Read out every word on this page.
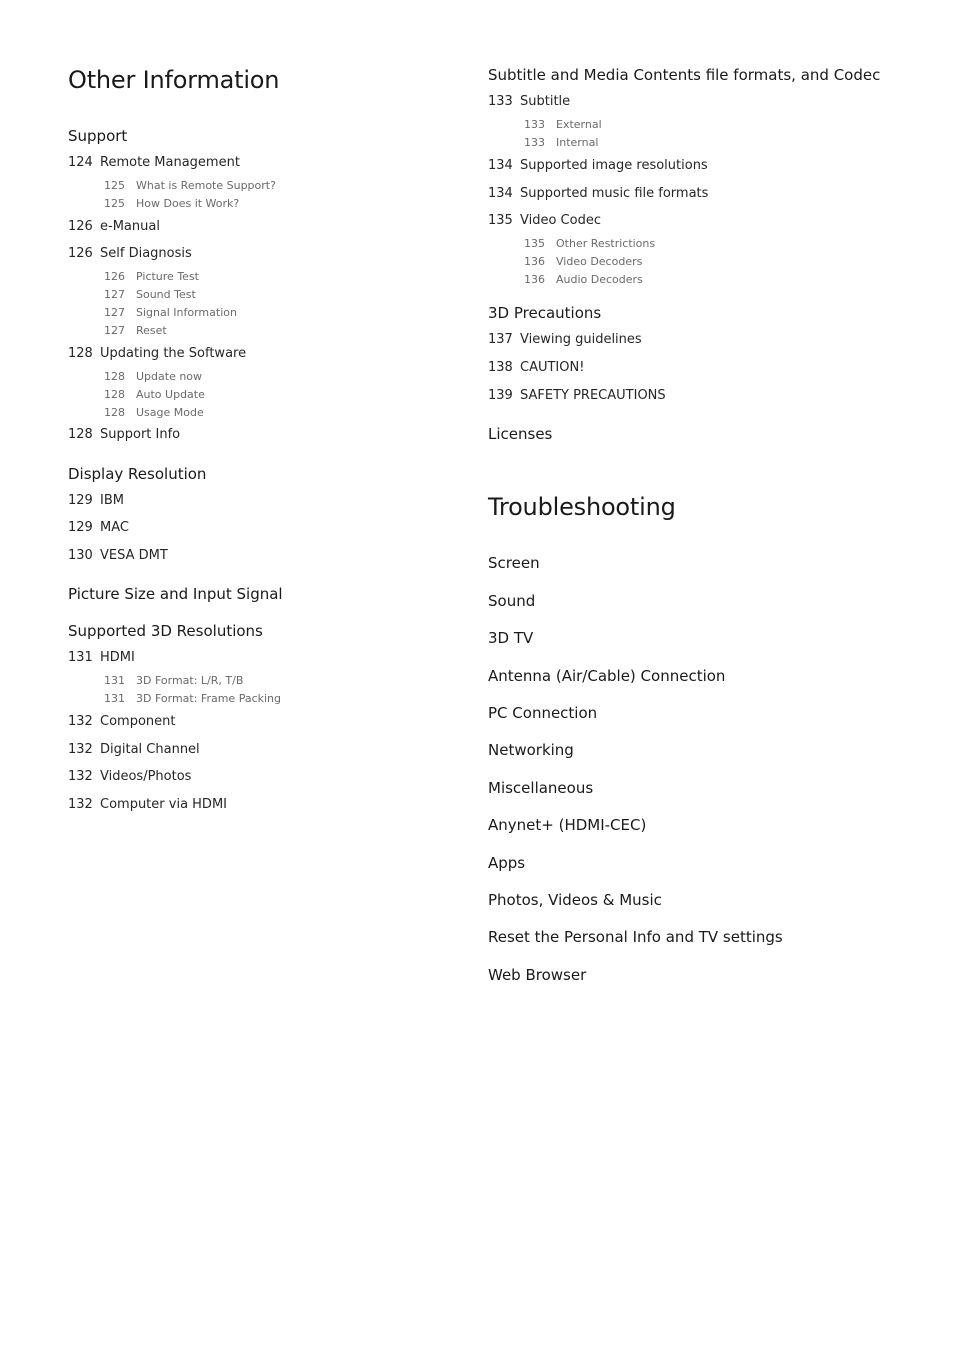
Other Information
Support
124 Remote Management
125 What is Remote Support?
125 How Does it Work?
126 e-Manual
126 Self Diagnosis
126 Picture Test
127 Sound Test
127 Signal Information
127 Reset
128 Updating the Software
128 Update now
128 Auto Update
128 Usage Mode
128 Support Info
Display Resolution
129 IBM
129 MAC
130 VESA DMT
Picture Size and Input Signal
Supported 3D Resolutions
131 HDMI
131 3D Format: L/R, T/B
131 3D Format: Frame Packing
132 Component
132 Digital Channel
132 Videos/Photos
132 Computer via HDMI
Subtitle and Media Contents file formats, and Codec
133 Subtitle
133 External
133 Internal
134 Supported image resolutions
134 Supported music file formats
135 Video Codec
135 Other Restrictions
136 Video Decoders
136 Audio Decoders
3D Precautions
137 Viewing guidelines
138 CAUTION!
139 SAFETY PRECAUTIONS
Licenses
Troubleshooting
Screen
Sound
3D TV
Antenna (Air/Cable) Connection
PC Connection
Networking
Miscellaneous
Anynet+ (HDMI-CEC)
Apps
Photos, Videos & Music
Reset the Personal Info and TV settings
Web Browser
